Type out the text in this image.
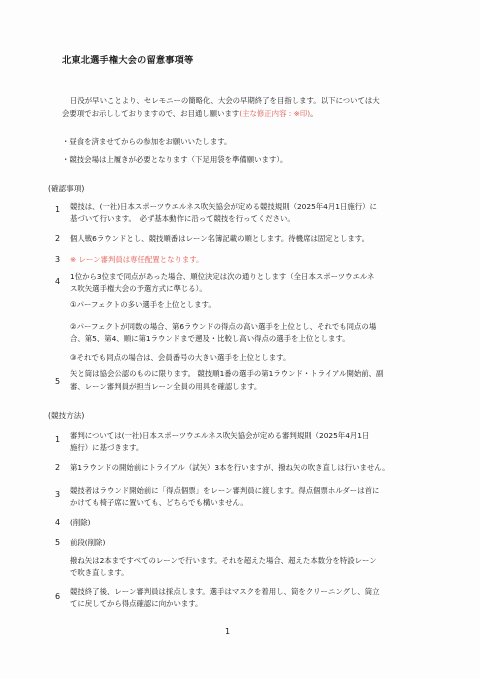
北東北選手権大会の留意事項等
日没が早いことより、セレモニーの簡略化、大会の早期終了を目指します。以下については大
会要項でお示ししておりますので、お目通し願います(主な修正内容 : ※印)。
・昼食を済ませてからの参加をお願いいたします。
・競技会場は上履きが必要となります（下足用袋を準備願います）。
(確認事項)
1 競技は、(一社)日本スポーツウエルネス吹矢協会が定める競技規則（2025年4月1日施行）に
基づいて行います。　必ず基本動作に沿って競技を行ってください。
2 個人戦6ラウンドとし、競技順番はレーン名簿記載の順とします。待機席は固定とします。
3 ※ レーン審判員は専任配置となります。
4
1位から3位まで同点があった場合、順位決定は次の通りとします（全日本スポーツウエルネ
ス吹矢選手権大会の予選方式に準じる）。
①パーフェクトの多い選手を上位とします。
②パーフェクトが同数の場合、第6ラウンドの得点の高い選手を上位とし、それでも同点の場
合、第5、第4、順に第1ラウンドまで遡及・比較し高い得点の選手を上位とします。
③それでも同点の場合は、会員番号の大きい選手を上位とします。
5
矢と筒は協会公認のものに限ります。 競技順1番の選手の第1ラウンド・トライアル開始前、副
審、レーン審判員が担当レーン全員の用具を確認します。
(競技方法)
1 審判については(一社)日本スポーツウエルネス吹矢協会が定める審判規則（2025年4月1日
施行）に基づきます。
2 第1ラウンドの開始前にトライアル（試矢）3本を行いますが、撥ね矢の吹き直しは行いません。
3 競技者はラウンド開始前に「得点個票」をレーン審判員に渡します。得点個票ホルダーは首に
かけても椅子席に置いても、どちらでも構いません。
4 (削除)
5 前段(削除)
撥ね矢は2本まですべてのレーンで行います。それを超えた場合、超えた本数分を特設レーン
で吹き直します。
6
競技終了後、レーン審判員は採点します。選手はマスクを着用し、筒をクリーニングし、筒立
てに戻してから得点確認に向かいます。
1
